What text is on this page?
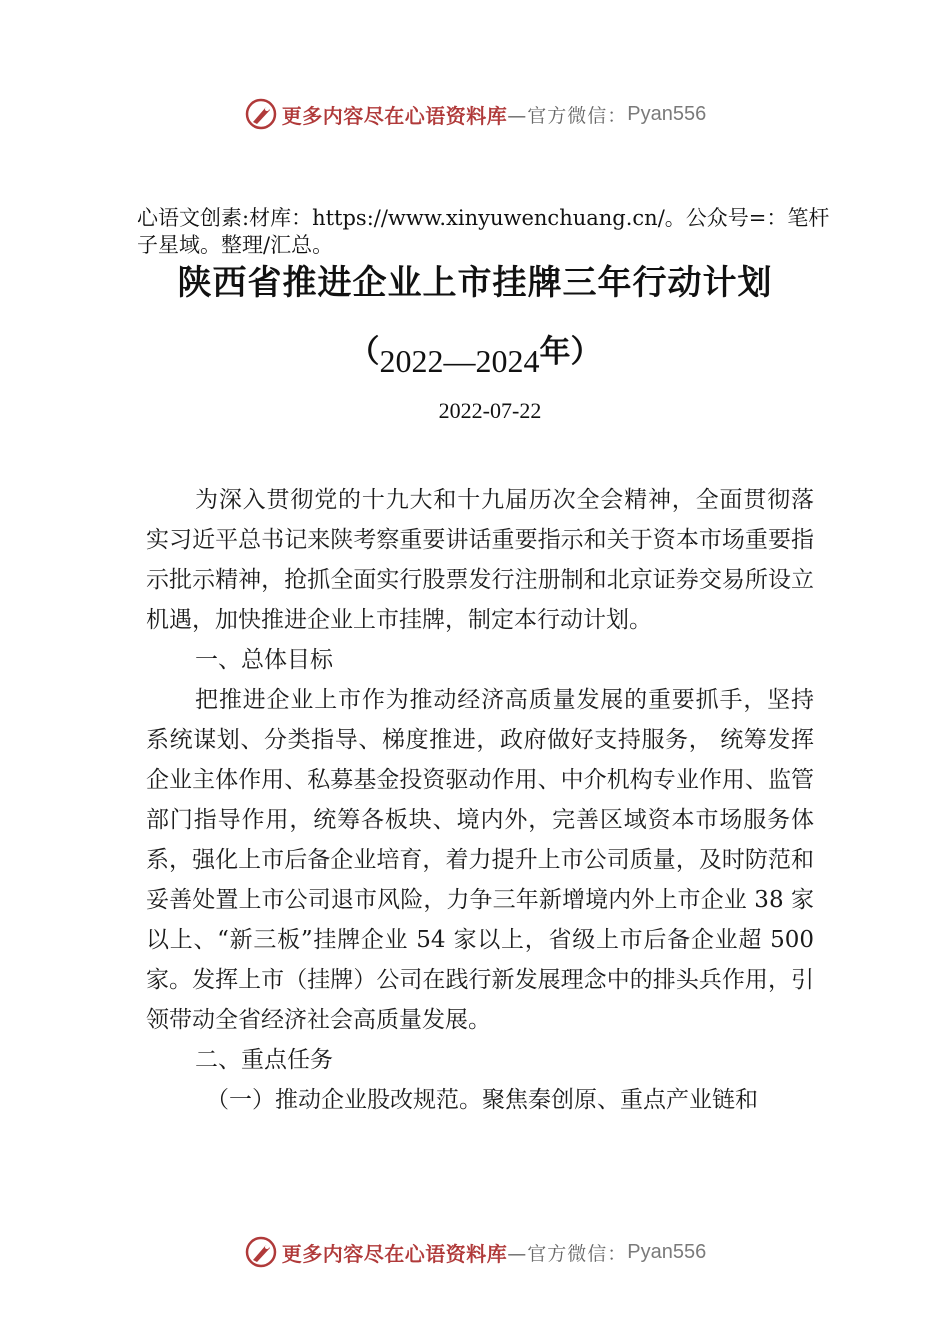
更多内容尽在心语资料库 —官方微信： Pyan556
心语文创素:材库：https://www.xinyuwenchuang.cn/。公众号=：笔杆子星域。整理/汇总。
陕西省推进企业上市挂牌三年行动计划
（2022—2024年）
2022-07-22

为深入贯彻党的十九大和十九届历次全会精神，全面贯彻落实习近平总书记来陕考察重要讲话重要指示和关于资本市场重要指示批示精神，抢抓全面实行股票发行注册制和北京证券交易所设立机遇，加快推进企业上市挂牌，制定本行动计划。

一、总体目标

把推进企业上市作为推动经济高质量发展的重要抓手，坚持系统谋划、分类指导、梯度推进，政府做好支持服务， 统筹发挥企业主体作用、私募基金投资驱动作用、中介机构专业作用、监管部门指导作用，统筹各板块、境内外，完善区域资本市场服务体系，强化上市后备企业培育，着力提升上市公司质量，及时防范和妥善处置上市公司退市风险，力争三年新增境内外上市企业 38 家以上、“新三板”挂牌企业 54 家以上，省级上市后备企业超 500 家。发挥上市（挂牌）公司在践行新发展理念中的排头兵作用，引领带动全省经济社会高质量发展。

二、重点任务

（一）推动企业股改规范。聚焦秦创原、重点产业链和

更多内容尽在心语资料库 —官方微信： Pyan556
